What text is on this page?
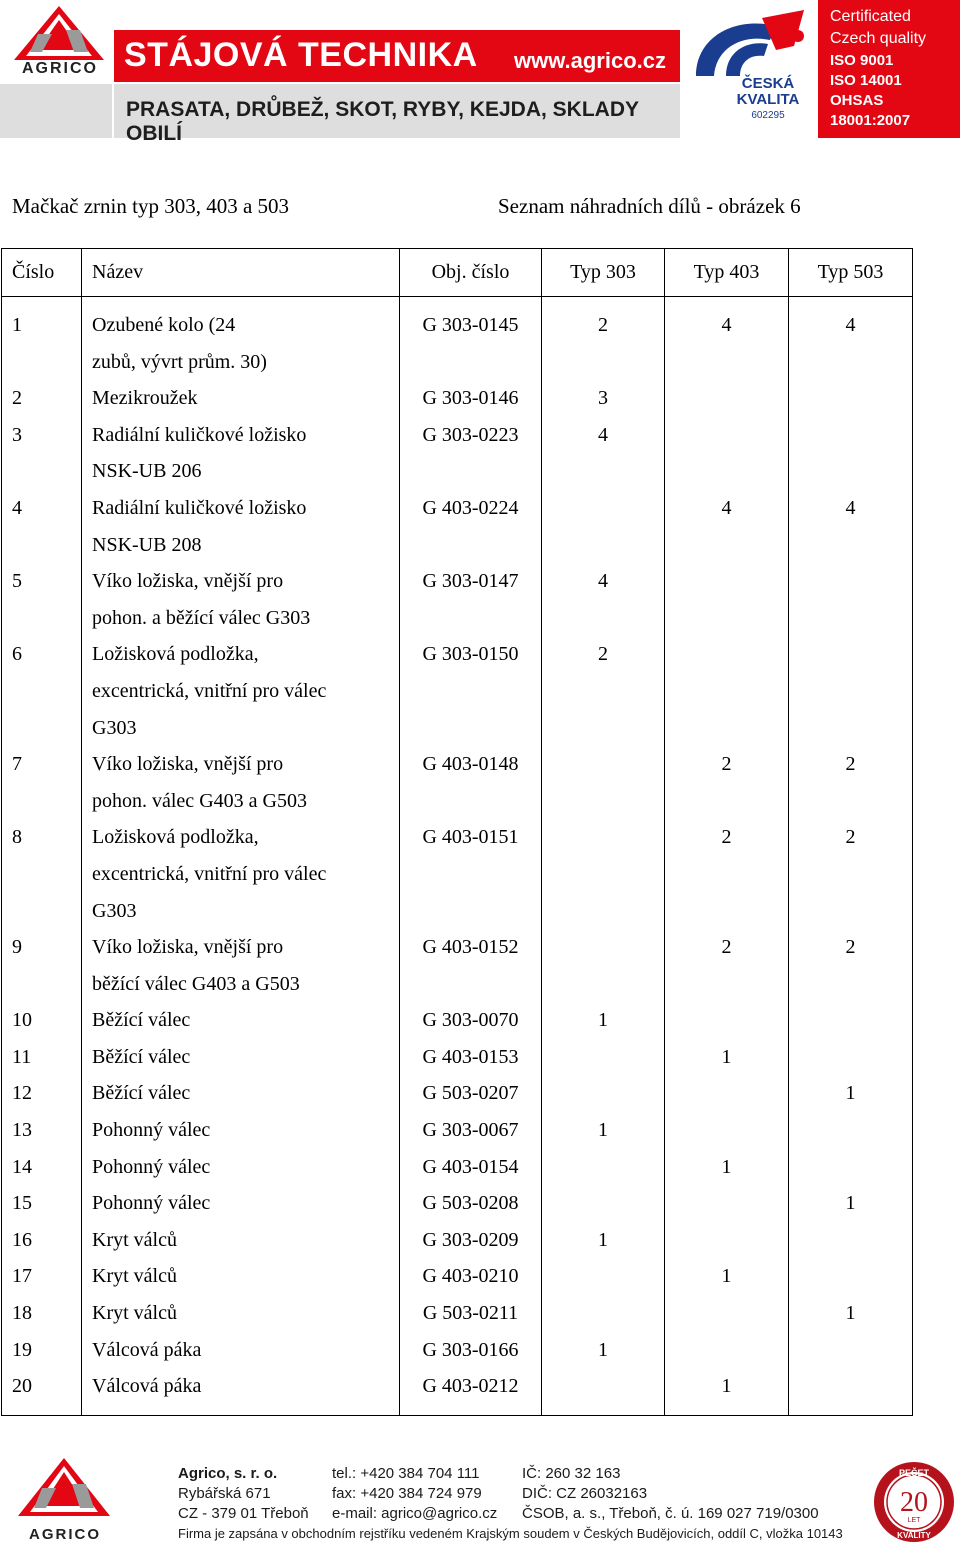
AGRICO STÁJOVÁ TECHNIKA www.agrico.cz
PRASATA, DRŮBEŽ, SKOT, RYBY, KEJDA, SKLADY OBILÍ
ČESKÁ
KVALITA
602295
Certificated
Czech quality
ISO 9001
ISO 14001
OHSAS
18001:2007
Mačkač zrnin typ 303, 403 a 503	Seznam náhradních dílů - obrázek 6
Číslo	Název	Obj. číslo	Typ 303	Typ 403	Typ 503
1	Ozubené kolo (24
zubů, vývrt prům. 30)	G 303-0145	2	4	4
2	Mezikroužek	G 303-0146	3		
3	Radiální kuličkové ložisko
NSK-UB 206	G 303-0223	4		
4	Radiální kuličkové ložisko
NSK-UB 208	G 403-0224		4	4
5	Víko ložiska, vnější pro
pohon. a běžící válec G303	G 303-0147	4		
6	Ložisková podložka,
excentrická, vnitřní pro válec
G303	G 303-0150	2		
7	Víko ložiska, vnější pro
pohon. válec G403 a G503	G 403-0148		2	2
8	Ložisková podložka,
excentrická, vnitřní pro válec
G303	G 403-0151		2	2
9	Víko ložiska, vnější pro
běžící válec G403 a G503	G 403-0152		2	2
10	Běžící válec	G 303-0070	1		
11	Běžící válec	G 403-0153		1	
12	Běžící válec	G 503-0207			1
13	Pohonný válec	G 303-0067	1		
14	Pohonný válec	G 403-0154		1	
15	Pohonný válec	G 503-0208			1
16	Kryt válců	G 303-0209	1		
17	Kryt válců	G 403-0210		1	
18	Kryt válců	G 503-0211			1
19	Válcová páka	G 303-0166	1		
20	Válcová páka	G 403-0212		1	
AGRICO
Agrico, s. r. o.
Rybářská 671
CZ - 379 01 Třeboň
tel.: +420 384 704 111
fax: +420 384 724 979
e-mail: agrico@agrico.cz
IČ: 260 32 163
DIČ: CZ 26032163
ČSOB, a. s., Třeboň, č. ú. 169 027 719/0300
Firma je zapsána v obchodním rejstříku vedeném Krajským soudem v Českých Budějovicích, oddíl C, vložka 10143
PEČET
20
LET
KVALITY
